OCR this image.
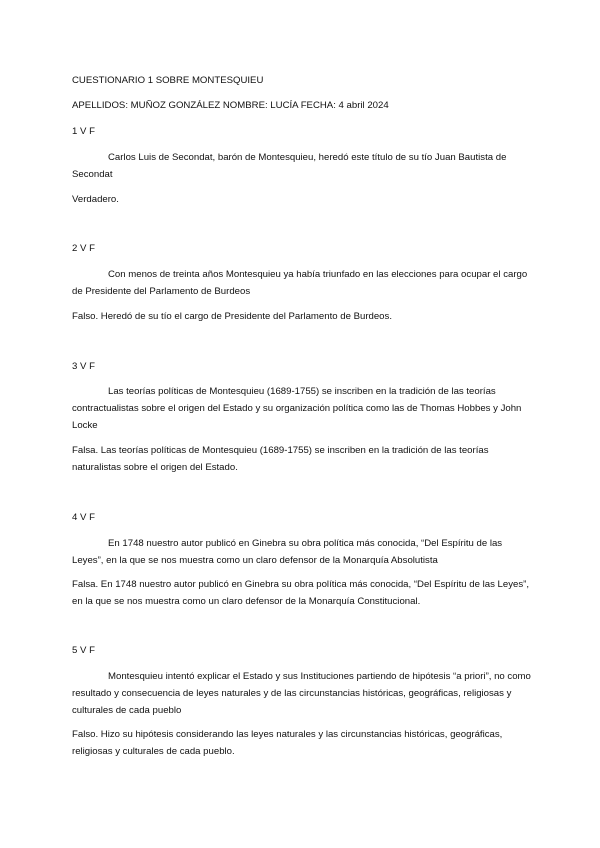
CUESTIONARIO 1 SOBRE MONTESQUIEU
APELLIDOS: MUÑOZ GONZÁLEZ NOMBRE: LUCÍA FECHA: 4 abril 2024
1 V F
Carlos Luis de Secondat, barón de Montesquieu, heredó este título de su tío Juan Bautista de Secondat
Verdadero.
2 V F
Con menos de treinta años Montesquieu ya había triunfado en las elecciones para ocupar el cargo de Presidente del Parlamento de Burdeos
Falso. Heredó de su tío el cargo de Presidente del Parlamento de Burdeos.
3 V F
Las teorías políticas de Montesquieu (1689-1755) se inscriben en la tradición de las teorías contractualistas sobre el origen del Estado y su organización política como las de Thomas Hobbes y John Locke
Falsa. Las teorías políticas de Montesquieu (1689-1755) se inscriben en la tradición de las teorías naturalistas sobre el origen del Estado.
4 V F
En 1748 nuestro autor publicó en Ginebra su obra política más conocida, “Del Espíritu de las Leyes”, en la que se nos muestra como un claro defensor de la Monarquía Absolutista
Falsa. En 1748 nuestro autor publicó en Ginebra su obra política más conocida, “Del Espíritu de las Leyes”, en la que se nos muestra como un claro defensor de la Monarquía Constitucional.
5 V F
Montesquieu intentó explicar el Estado y sus Instituciones partiendo de hipótesis “a priori”, no como resultado y consecuencia de leyes naturales y de las circunstancias históricas, geográficas, religiosas y culturales de cada pueblo
Falso. Hizo su hipótesis considerando las leyes naturales y las circunstancias históricas, geográficas, religiosas y culturales de cada pueblo.
